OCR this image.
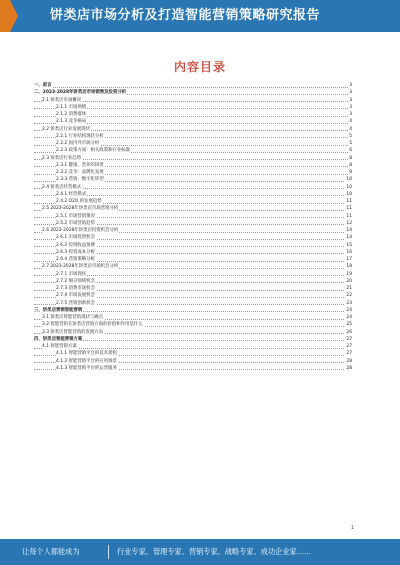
饼类店市场分析及打造智能营销策略研究报告
内容目录
一、前言	3
二、2023-2028年饼类店市场销售及投资分析	3
2.1 饼类店市场概况	3
2.1.1 市场规模	3
2.1.2 消费群体	3
2.1.3 竞争格局	4
2.2 饼类店行业发展现状	4
2.2.1 行业结构现状分析	5
2.2.2 国内外市场分析	5
2.2.3 政策方面：相关政策和行业标准	6
2.3 饼类店行业趋势	8
2.3.1 健康、营养的饼类	8
2.3.2 竞争：品牌化发展	9
2.3.3 营销：数字化转型	10
2.4 饼类店经营模式	10
2.4.1 经营模式	10
2.4.2 O2O 的发展趋势	11
2.5 2023-2028年饼类店市场营销分析	11
2.5.1 市场营销情况	11
2.5.2 市场营销趋势	12
2.6 2023-2028年饼类店投资机会分析	14
2.6.1 市场投资机会	14
2.6.2 投资收益预测	15
2.6.3 投资成本分析	16
2.6.4 营销策略分析	17
2.7 2023-2028年饼类店市场机会分析	18
2.7.1 市场现状	19
2.7.2 细分领域机会	20
2.7.3 消费市场机会	21
2.7.4 市场发展机会	22
2.7.5 营销创新机会	23
三、饼类店营销智能营销	24
3.1 饼类店智能营销现状与痛点	24
3.2 智能营销在饼类店营销方面的价值和作用是什么	25
3.3 饼类店智能营销的发展方向	26
四、饼类店智能营销方案	27
4.1 智能营销方案	27
4.1.1 智能营销平台的技术架构	27
4.1.2 智能营销平台的应用场景	28
4.1.3 智能营销平台的运营服务	28
1
让每个人都能成为	行业专家、管理专家、营销专家、战略专家、成功企业家……
